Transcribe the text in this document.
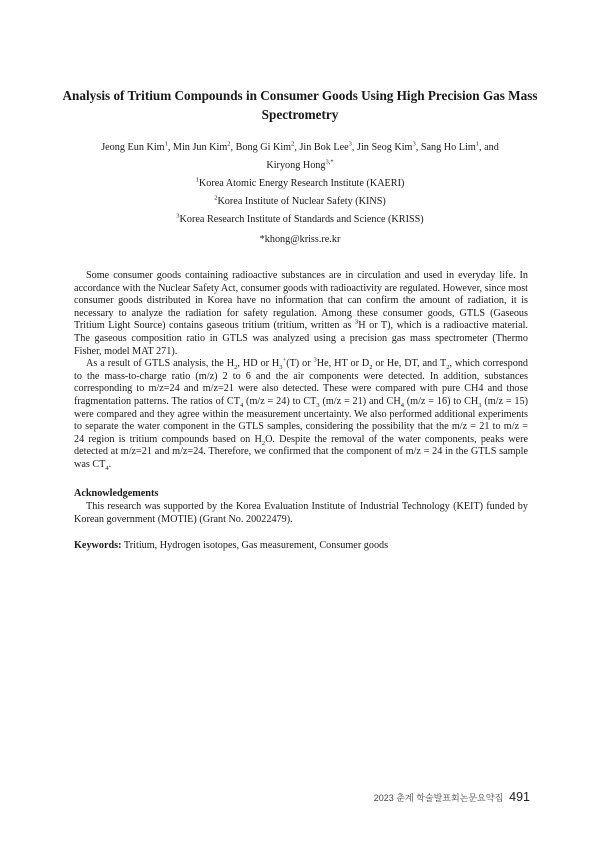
Analysis of Tritium Compounds in Consumer Goods Using High Precision Gas Mass Spectrometry
Jeong Eun Kim$^1$, Min Jun Kim$^2$, Bong Gi Kim$^2$, Jin Bok Lee$^3$, Jin Seog Kim$^3$, Sang Ho Lim$^1$, and
Kiryong Hong$^{3,*}$
$^1$Korea Atomic Energy Research Institute (KAERI)
$^2$Korea Institute of Nuclear Safety (KINS)
$^3$Korea Research Institute of Standards and Science (KRISS)
*khong@kriss.re.kr

Some consumer goods containing radioactive substances are in circulation and used in everyday life. In accordance with the Nuclear Safety Act, consumer goods with radioactivity are regulated. However, since most consumer goods distributed in Korea have no information that can confirm the amount of radiation, it is necessary to analyze the radiation for safety regulation. Among these consumer goods, GTLS (Gaseous Tritium Light Source) contains gaseous tritium (tritium, written as $^3$H or T), which is a radioactive material. The gaseous composition ratio in GTLS was analyzed using a precision gas mass spectrometer (Thermo Fisher, model MAT 271).

As a result of GTLS analysis, the $H_2$, HD or $H_3^+(T)$ or $^3$He, HT or $D_2$ or He, DT, and $T_2$, which correspond to the mass-to-charge ratio (m/z) 2 to 6 and the air components were detected. In addition, substances corresponding to m/z=24 and m/z=21 were also detected. These were compared with pure CH4 and those fragmentation patterns. The ratios of $CT_4$ (m/z = 24) to $CT_3$ (m/z = 21) and $CH_4$ (m/z = 16) to $CH_3$ (m/z = 15) were compared and they agree within the measurement uncertainty. We also performed additional experiments to separate the water component in the GTLS samples, considering the possibility that the m/z = 21 to m/z = 24 region is tritium compounds based on $H_2O$. Despite the removal of the water components, peaks were detected at m/z=21 and m/z=24. Therefore, we confirmed that the component of m/z = 24 in the GTLS sample was $CT_4$.

Acknowledgements
This research was supported by the Korea Evaluation Institute of Industrial Technology (KEIT) funded by Korean government (MOTIE) (Grant No. 20022479).
Keywords: Tritium, Hydrogen isotopes, Gas measurement, Consumer goods
2023 춘계 학술발표회논문요약집 491
